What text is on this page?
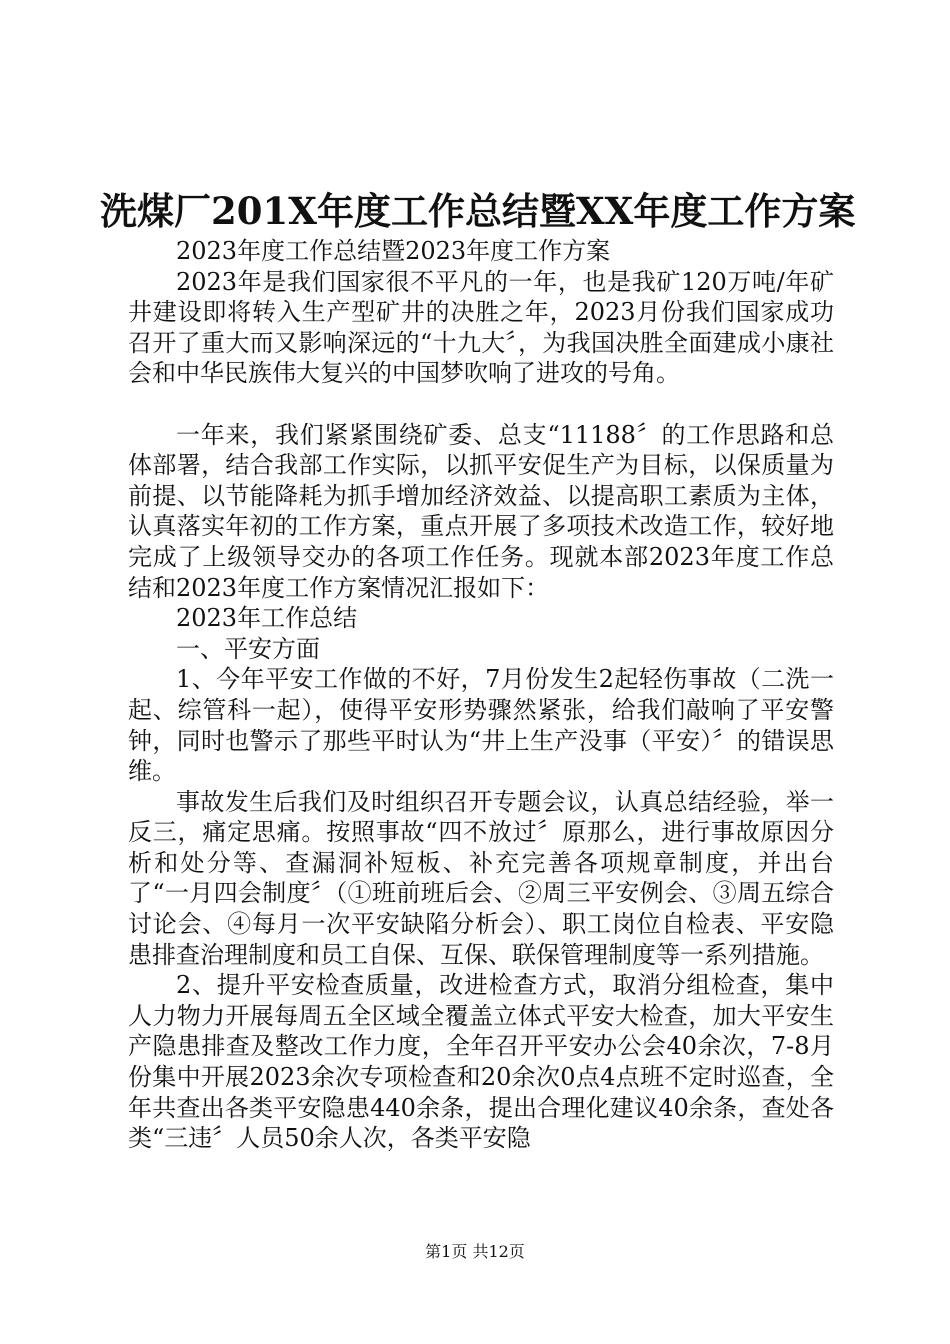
洗煤厂201X年度工作总结暨XX年度工作方案

2023年度工作总结暨2023年度工作方案

2023年是我们国家很不平凡的一年，也是我矿120万吨/年矿井建设即将转入生产型矿井的决胜之年，2023月份我们国家成功召开了重大而又影响深远的“十九大〞，为我国决胜全面建成小康社会和中华民族伟大复兴的中国梦吹响了进攻的号角。

一年来，我们紧紧围绕矿委、总支“11188〞的工作思路和总体部署，结合我部工作实际，以抓平安促生产为目标，以保质量为前提、以节能降耗为抓手增加经济效益、以提高职工素质为主体，认真落实年初的工作方案，重点开展了多项技术改造工作，较好地完成了上级领导交办的各项工作任务。现就本部2023年度工作总结和2023年度工作方案情况汇报如下：

2023年工作总结

一、平安方面

1、今年平安工作做的不好，7月份发生2起轻伤事故（二洗一起、综管科一起），使得平安形势骤然紧张，给我们敲响了平安警钟，同时也警示了那些平时认为“井上生产没事（平安）〞的错误思维。

事故发生后我们及时组织召开专题会议，认真总结经验，举一反三，痛定思痛。按照事故“四不放过〞原那么，进行事故原因分析和处分等、查漏洞补短板、补充完善各项规章制度，并出台了“一月四会制度〞（①班前班后会、②周三平安例会、③周五综合讨论会、④每月一次平安缺陷分析会）、职工岗位自检表、平安隐患排查治理制度和员工自保、互保、联保管理制度等一系列措施。

2、提升平安检查质量，改进检查方式，取消分组检查，集中人力物力开展每周五全区域全覆盖立体式平安大检查，加大平安生产隐患排查及整改工作力度，全年召开平安办公会40余次，7-8月份集中开展2023余次专项检查和20余次0点4点班不定时巡查，全年共查出各类平安隐患440余条，提出合理化建议40余条，查处各类“三违〞人员50余人次，各类平安隐

第1页 共12页
